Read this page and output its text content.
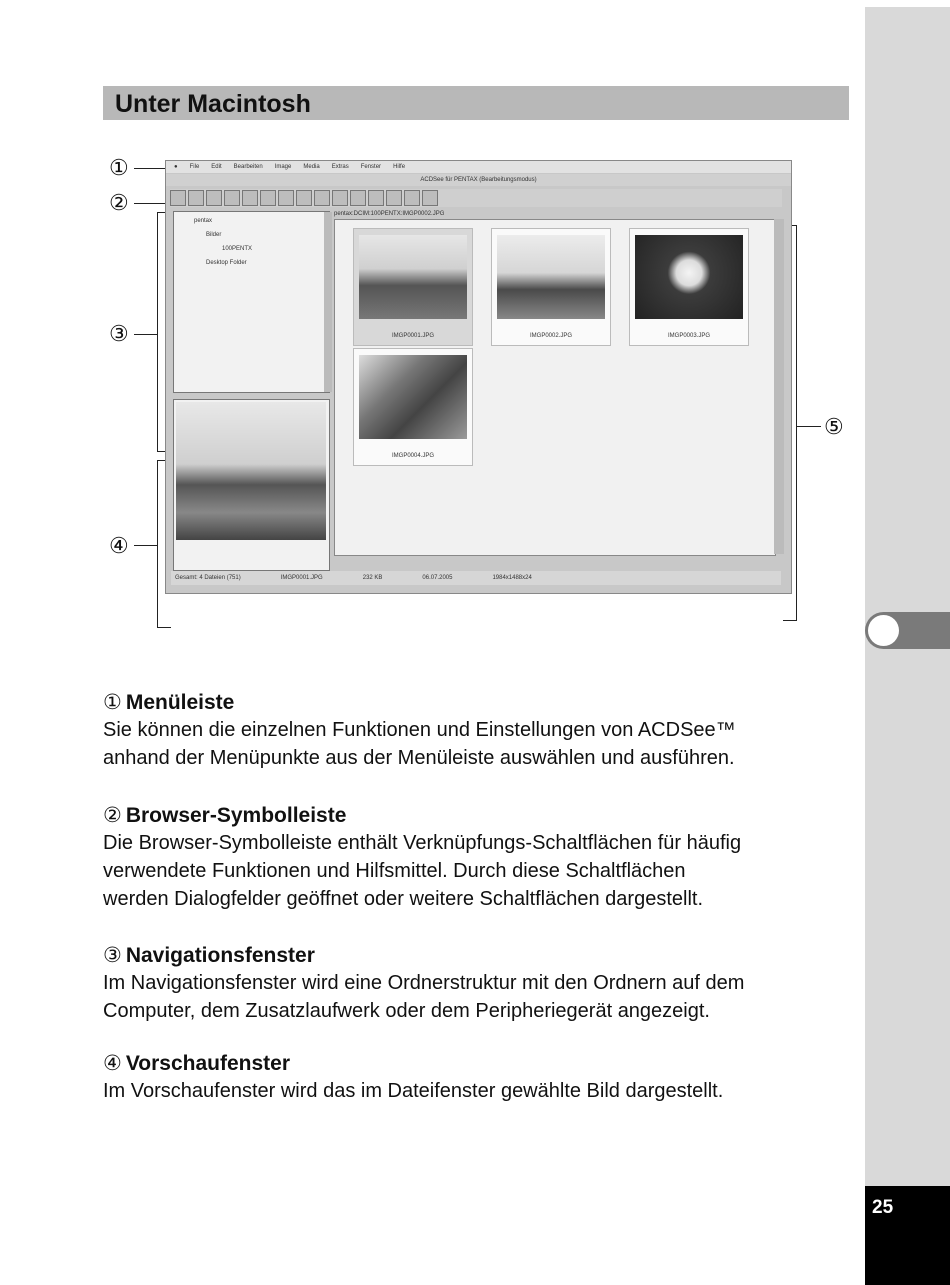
25
Unter Macintosh
①
②
③
④
⑤
● File Edit Bearbeiten Image Media Extras Fenster Hilfe
ACDSee für PENTAX (Bearbeitungsmodus)
pentax
Bilder
100PENTX
Desktop Folder
pentax:DCIM:100PENTX:IMGP0002.JPG
IMGP0001.JPG	IMGP0002.JPG	IMGP0003.JPG
IMGP0004.JPG
Gesamt: 4 Dateien (751)	IMGP0001.JPG	232 KB	06.07.2005	1984x1488x24
① Menüleiste
Sie können die einzelnen Funktionen und Einstellungen von ACDSee™
anhand der Menüpunkte aus der Menüleiste auswählen und ausführen.
② Browser-Symbolleiste
Die Browser-Symbolleiste enthält Verknüpfungs-Schaltflächen für häufig
verwendete Funktionen und Hilfsmittel. Durch diese Schaltflächen
werden Dialogfelder geöffnet oder weitere Schaltflächen dargestellt.
③ Navigationsfenster
Im Navigationsfenster wird eine Ordnerstruktur mit den Ordnern auf dem
Computer, dem Zusatzlaufwerk oder dem Peripheriegerät angezeigt.
④ Vorschaufenster
Im Vorschaufenster wird das im Dateifenster gewählte Bild dargestellt.
